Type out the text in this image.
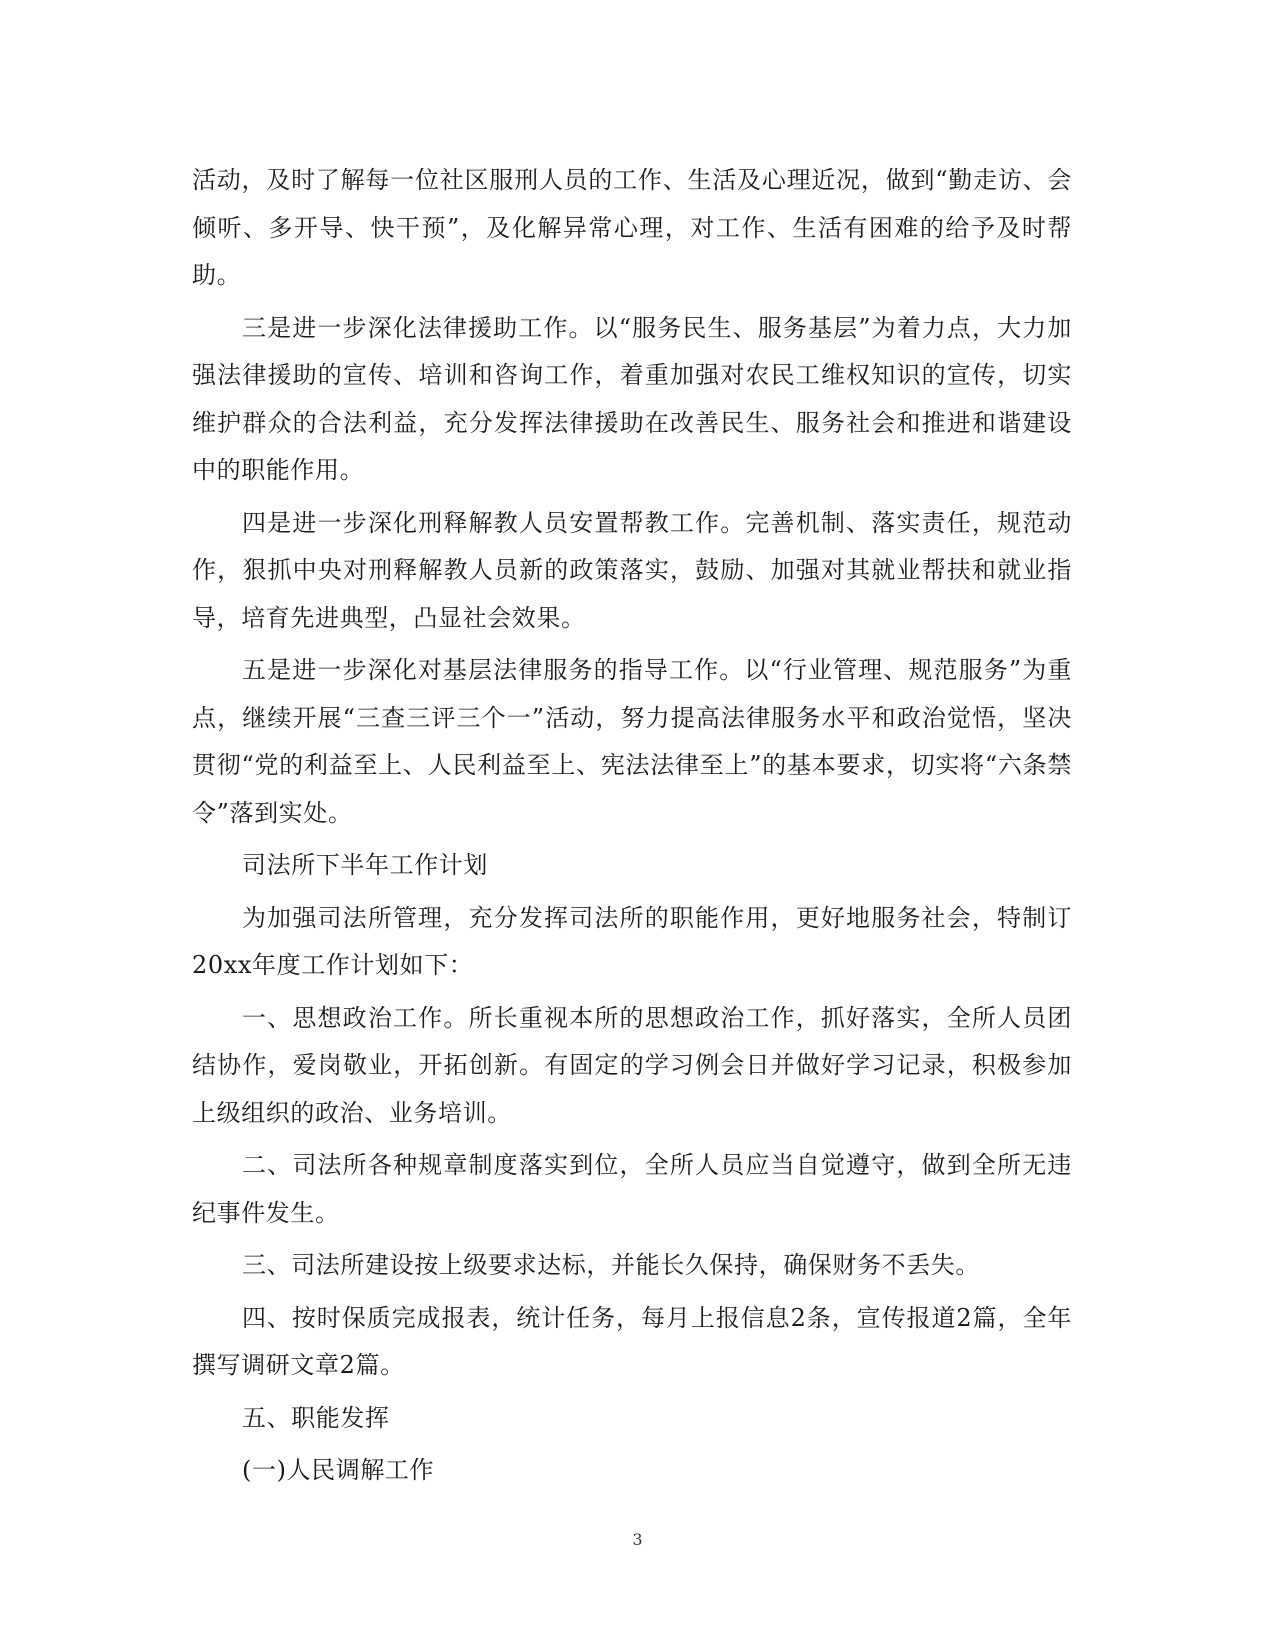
活动，及时了解每一位社区服刑人员的工作、生活及心理近况，做到“勤走访、会倾听、多开导、快干预”，及化解异常心理，对工作、生活有困难的给予及时帮助。

三是进一步深化法律援助工作。以“服务民生、服务基层”为着力点，大力加强法律援助的宣传、培训和咨询工作，着重加强对农民工维权知识的宣传，切实维护群众的合法利益，充分发挥法律援助在改善民生、服务社会和推进和谐建设中的职能作用。

四是进一步深化刑释解教人员安置帮教工作。完善机制、落实责任，规范动作，狠抓中央对刑释解教人员新的政策落实，鼓励、加强对其就业帮扶和就业指导，培育先进典型，凸显社会效果。

五是进一步深化对基层法律服务的指导工作。以“行业管理、规范服务”为重点，继续开展“三查三评三个一”活动，努力提高法律服务水平和政治觉悟，坚决贯彻“党的利益至上、人民利益至上、宪法法律至上”的基本要求，切实将“六条禁令”落到实处。

司法所下半年工作计划

为加强司法所管理，充分发挥司法所的职能作用，更好地服务社会，特制订20xx年度工作计划如下：

一、思想政治工作。所长重视本所的思想政治工作，抓好落实，全所人员团结协作，爱岗敬业，开拓创新。有固定的学习例会日并做好学习记录，积极参加上级组织的政治、业务培训。

二、司法所各种规章制度落实到位，全所人员应当自觉遵守，做到全所无违纪事件发生。

三、司法所建设按上级要求达标，并能长久保持，确保财务不丢失。

四、按时保质完成报表，统计任务，每月上报信息2条，宣传报道2篇，全年撰写调研文章2篇。

五、职能发挥

(一)人民调解工作

3
